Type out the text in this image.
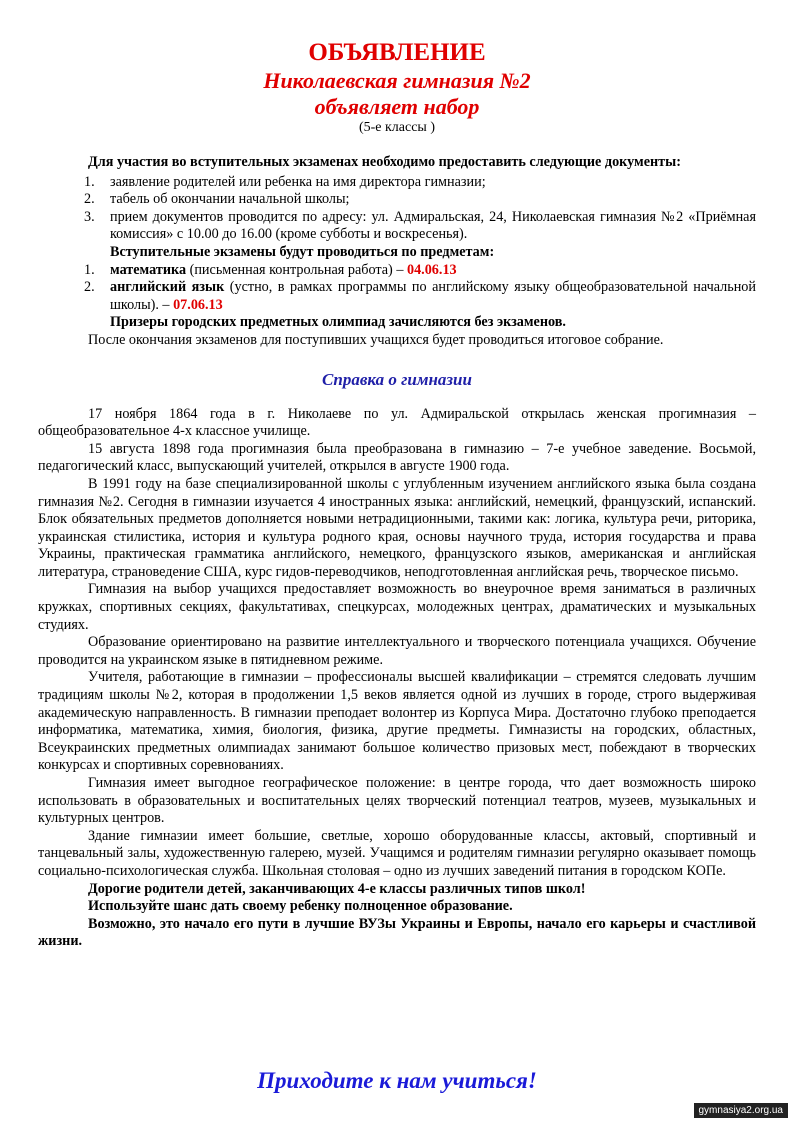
ОБЪЯВЛЕНИЕ

Николаевская гимназия №2

объявляет набор

(5-е классы )

Для участия во вступительных экзаменах необходимо предоставить следующие документы:

1. заявление родителей или ребенка на имя директора гимназии;
2. табель об окончании начальной школы;
3. прием документов проводится по адресу: ул. Адмиральская, 24, Николаевская гимназия №2 «Приёмная комиссия» с 10.00 до 16.00 (кроме субботы и воскресенья).

Вступительные экзамены будут проводиться по предметам:

1. математика (письменная контрольная работа) – 04.06.13
2. английский язык (устно, в рамках программы по английскому языку общеобразовательной начальной школы). – 07.06.13

Призеры городских предметных олимпиад зачисляются без экзаменов.

После окончания экзаменов для поступивших учащихся будет проводиться итоговое собрание.

Справка о гимназии

17 ноября 1864 года в г. Николаеве по ул. Адмиральской открылась женская прогимназия – общеобразовательное 4-х классное училище.

15 августа 1898 года прогимназия была преобразована в гимназию – 7-е учебное заведение. Восьмой, педагогический класс, выпускающий учителей, открылся в августе 1900 года.

В 1991 году на базе специализированной школы с углубленным изучением английского языка была создана гимназия №2. Сегодня в гимназии изучается 4 иностранных языка: английский, немецкий, французский, испанский. Блок обязательных предметов дополняется новыми нетрадиционными, такими как: логика, культура речи, риторика, украинская стилистика, история и культура родного края, основы научного труда, история государства и права Украины, практическая грамматика английского, немецкого, французского языков, американская и английская литература, страноведение США, курс гидов-переводчиков, неподготовленная английская речь, творческое письмо.

Гимназия на выбор учащихся предоставляет возможность во внеурочное время заниматься в различных кружках, спортивных секциях, факультативах, спецкурсах, молодежных центрах, драматических и музыкальных студиях.

Образование ориентировано на развитие интеллектуального и творческого потенциала учащихся. Обучение проводится на украинском языке в пятидневном режиме.

Учителя, работающие в гимназии – профессионалы высшей квалификации – стремятся следовать лучшим традициям школы №2, которая в продолжении 1,5 веков является одной из лучших в городе, строго выдерживая академическую направленность. В гимназии преподает волонтер из Корпуса Мира. Достаточно глубоко преподается информатика, математика, химия, биология, физика, другие предметы. Гимназисты на городских, областных, Всеукраинских предметных олимпиадах занимают большое количество призовых мест, побеждают в творческих конкурсах и спортивных соревнованиях.

Гимназия имеет выгодное географическое положение: в центре города, что дает возможность широко использовать в образовательных и воспитательных целях творческий потенциал театров, музеев, музыкальных и культурных центров.

Здание гимназии имеет большие, светлые, хорошо оборудованные классы, актовый, спортивный и танцевальный залы, художественную галерею, музей. Учащимся и родителям гимназии регулярно оказывает помощь социально-психологическая служба. Школьная столовая – одно из лучших заведений питания в городском КОПе.

Дорогие родители детей, заканчивающих 4-е классы различных типов школ!

Используйте шанс дать своему ребенку полноценное образование.

Возможно, это начало его пути в лучшие ВУЗы Украины и Европы, начало его карьеры и счастливой жизни.

Приходите к нам учиться!
gymnasiya2.org.ua
